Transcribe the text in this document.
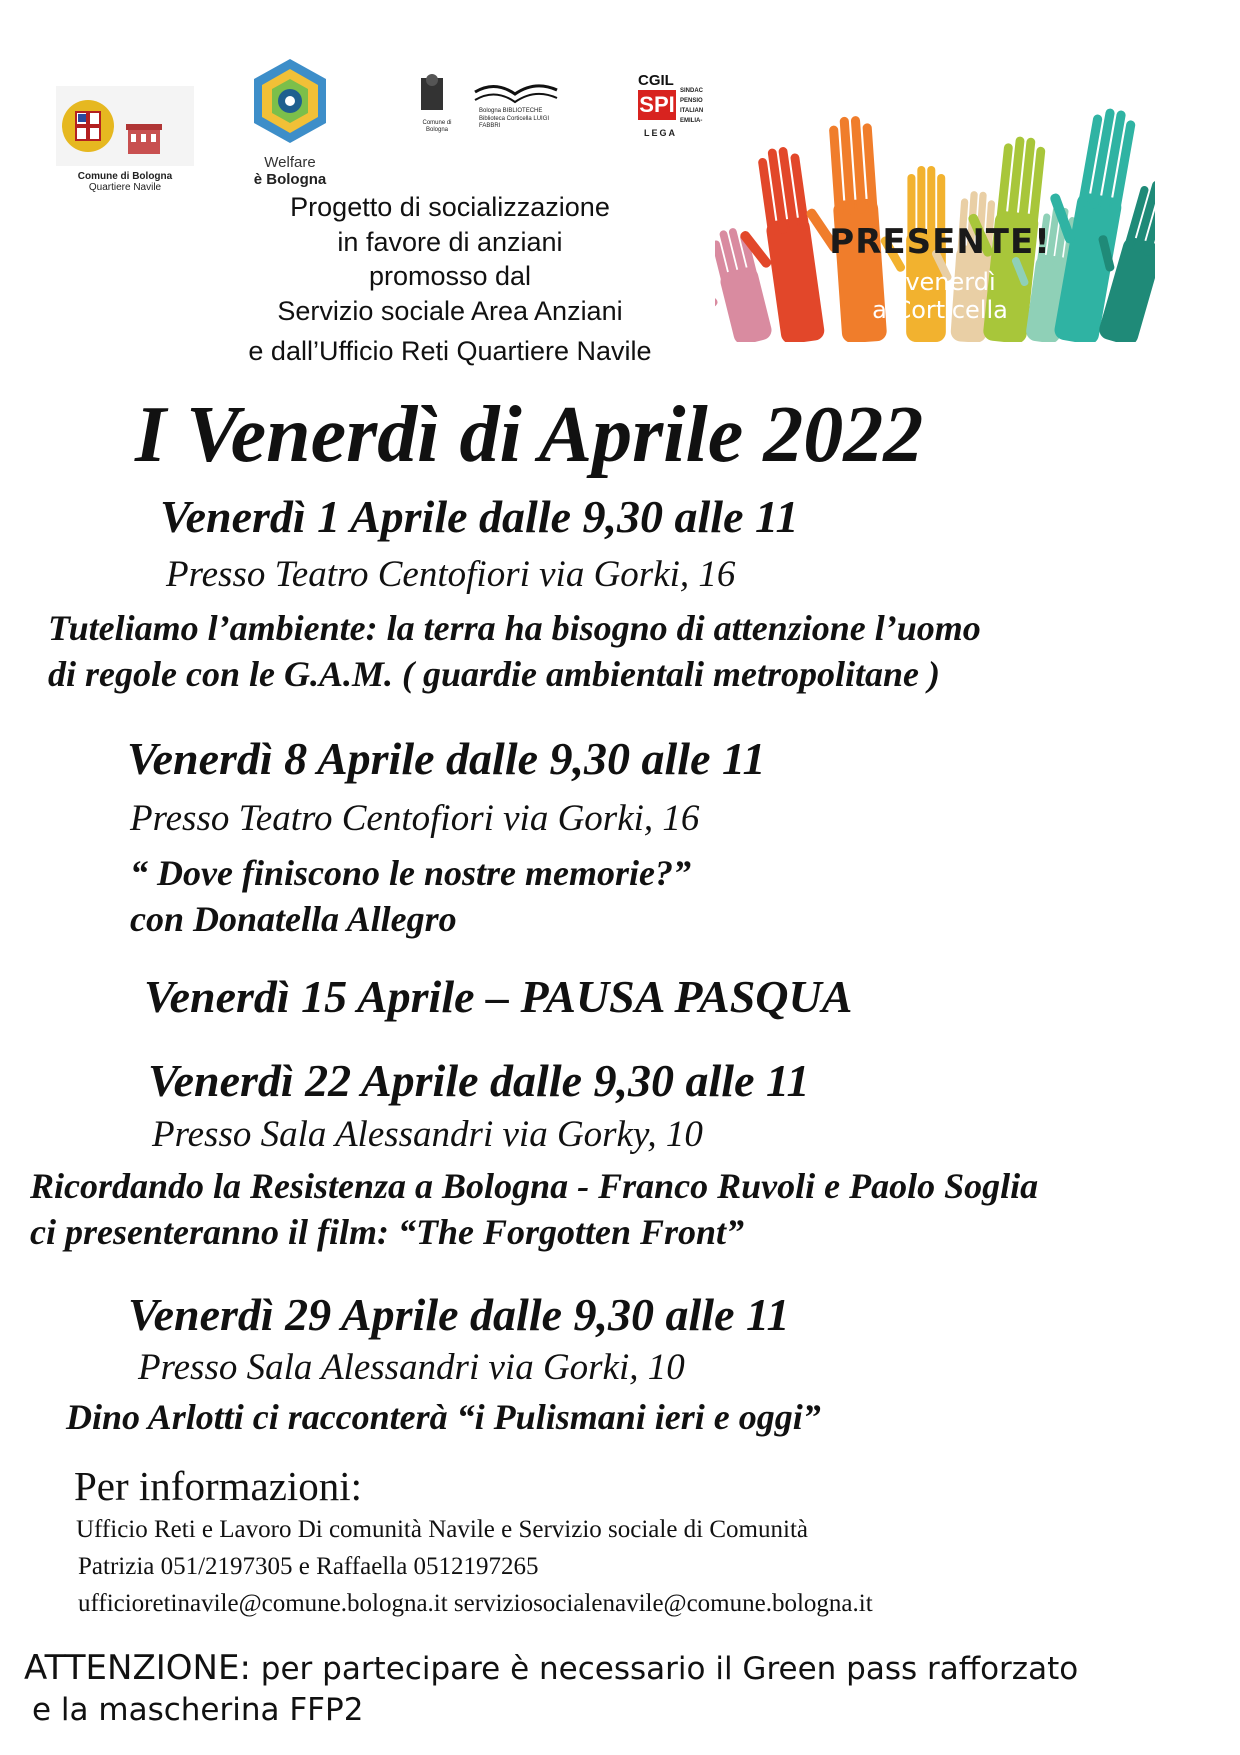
Comune di Bologna
Quartiere Navile
Welfare
è Bologna
Comune di Bologna
Bologna BIBLIOTECHE
Biblioteca Corticella LUIGI FABBRI
CGIL
SPI
SINDAC
PENSIO
ITALIAN
EMILIA-
LEGA
PRESENTE!
il venerdì
a Corticella
Progetto di socializzazione
in favore di anziani
promosso dal
Servizio sociale Area Anziani
e dall’Ufficio Reti Quartiere Navile
I Venerdì di Aprile 2022
Venerdì 1 Aprile dalle 9,30 alle 11
Presso Teatro Centofiori via Gorki, 16
Tuteliamo l’ambiente: la terra ha bisogno di attenzione l’uomo
di regole con le G.A.M. ( guardie ambientali metropolitane )
Venerdì 8 Aprile dalle 9,30 alle 11
Presso Teatro Centofiori via Gorki, 16
“ Dove finiscono le nostre memorie?”
con Donatella Allegro
Venerdì 15 Aprile – PAUSA PASQUA
Venerdì 22 Aprile dalle 9,30 alle 11
Presso Sala Alessandri via Gorky, 10
Ricordando la Resistenza a Bologna - Franco Ruvoli e Paolo Soglia
ci presenteranno il film: “The Forgotten Front”
Venerdì 29 Aprile dalle 9,30 alle 11
Presso Sala Alessandri via Gorki, 10
Dino Arlotti ci racconterà “i Pulismani ieri e oggi”
Per informazioni:
Ufficio Reti e Lavoro Di comunità Navile e Servizio sociale di Comunità
Patrizia 051/2197305 e Raffaella 0512197265
ufficioretinavile@comune.bologna.it serviziosocialenavile@comune.bologna.it
ATTENZIONE: per partecipare è necessario il Green pass rafforzato
e la mascherina FFP2
